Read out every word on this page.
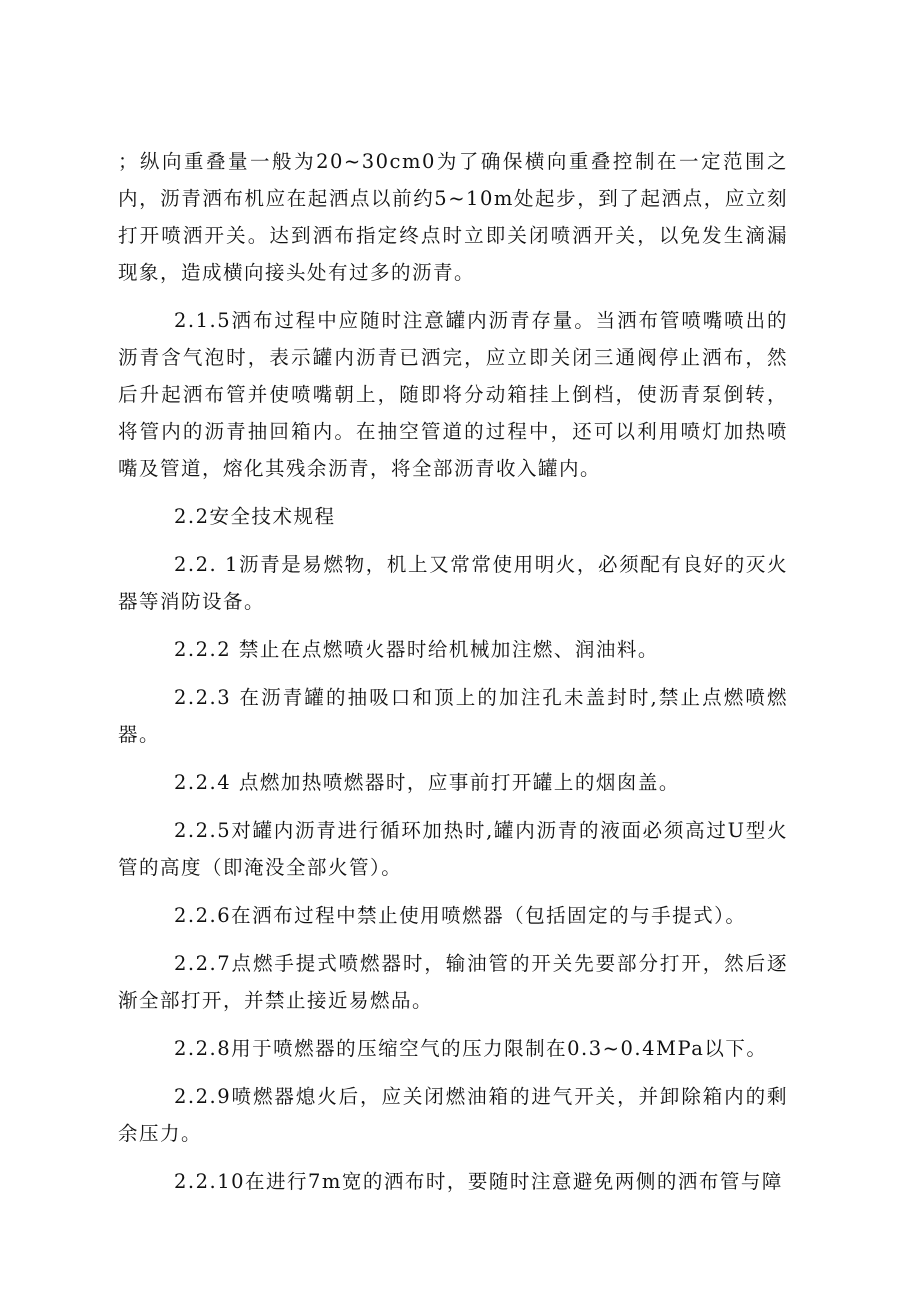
；纵向重叠量一般为20~30cm0为了确保横向重叠控制在一定范围之内，沥青洒布机应在起洒点以前约5~10m处起步，到了起洒点，应立刻打开喷洒开关。达到洒布指定终点时立即关闭喷洒开关，以免发生滴漏现象，造成横向接头处有过多的沥青。

2.1.5洒布过程中应随时注意罐内沥青存量。当洒布管喷嘴喷出的沥青含气泡时，表示罐内沥青已洒完，应立即关闭三通阀停止洒布，然后升起洒布管并使喷嘴朝上，随即将分动箱挂上倒档，使沥青泵倒转，将管内的沥青抽回箱内。在抽空管道的过程中，还可以利用喷灯加热喷嘴及管道，熔化其残余沥青，将全部沥青收入罐内。

2.2安全技术规程

2.2. 1沥青是易燃物，机上又常常使用明火，必须配有良好的灭火器等消防设备。

2.2.2 禁止在点燃喷火器时给机械加注燃、润油料。

2.2.3 在沥青罐的抽吸口和顶上的加注孔未盖封时,禁止点燃喷燃器。

2.2.4 点燃加热喷燃器时，应事前打开罐上的烟囱盖。

2.2.5对罐内沥青进行循环加热时,罐内沥青的液面必须高过U型火管的高度（即淹没全部火管）。

2.2.6在洒布过程中禁止使用喷燃器（包括固定的与手提式）。

2.2.7点燃手提式喷燃器时，输油管的开关先要部分打开，然后逐渐全部打开，并禁止接近易燃品。

2.2.8用于喷燃器的压缩空气的压力限制在0.3~0.4MPa以下。

2.2.9喷燃器熄火后，应关闭燃油箱的进气开关，并卸除箱内的剩余压力。

2.2.10在进行7m宽的洒布时，要随时注意避免两侧的洒布管与障
